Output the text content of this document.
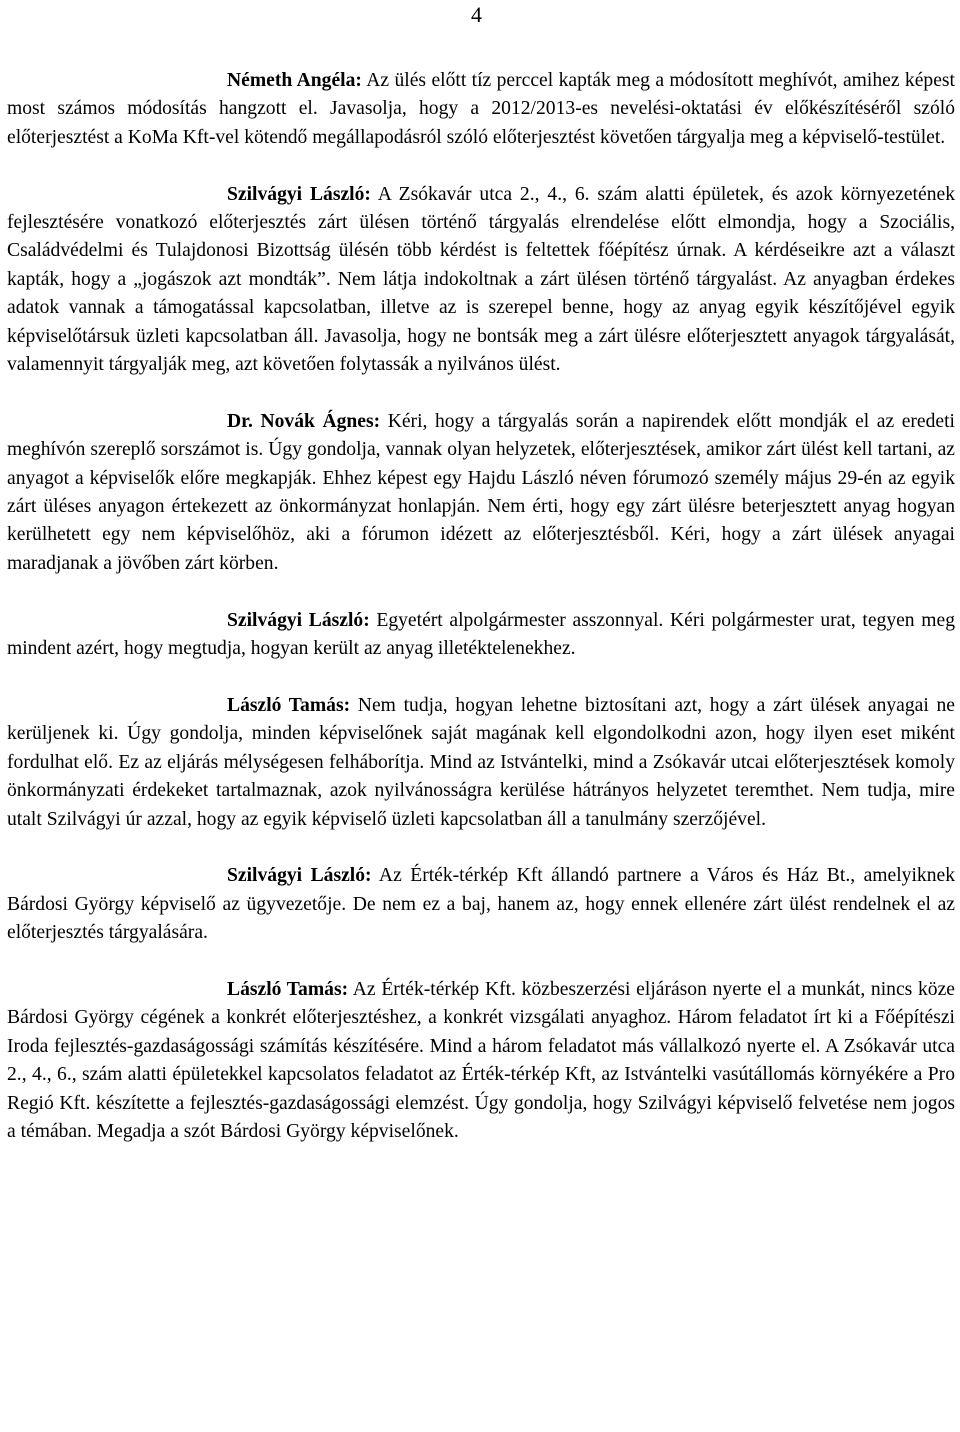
4

Németh Angéla: Az ülés előtt tíz perccel kapták meg a módosított meghívót, amihez képest most számos módosítás hangzott el. Javasolja, hogy a 2012/2013-es nevelési-oktatási év előkészítéséről szóló előterjesztést a KoMa Kft-vel kötendő megállapodásról szóló előterjesztést követően tárgyalja meg a képviselő-testület.

Szilvágyi László: A Zsókavár utca 2., 4., 6. szám alatti épületek, és azok környezetének fejlesztésére vonatkozó előterjesztés zárt ülésen történő tárgyalás elrendelése előtt elmondja, hogy a Szociális, Családvédelmi és Tulajdonosi Bizottság ülésén több kérdést is feltettek főépítész úrnak. A kérdéseikre azt a választ kapták, hogy a „jogászok azt mondták”. Nem látja indokoltnak a zárt ülésen történő tárgyalást. Az anyagban érdekes adatok vannak a támogatással kapcsolatban, illetve az is szerepel benne, hogy az anyag egyik készítőjével egyik képviselőtársuk üzleti kapcsolatban áll. Javasolja, hogy ne bontsák meg a zárt ülésre előterjesztett anyagok tárgyalását, valamennyit tárgyalják meg, azt követően folytassák a nyilvános ülést.

Dr. Novák Ágnes: Kéri, hogy a tárgyalás során a napirendek előtt mondják el az eredeti meghívón szereplő sorszámot is. Úgy gondolja, vannak olyan helyzetek, előterjesztések, amikor zárt ülést kell tartani, az anyagot a képviselők előre megkapják. Ehhez képest egy Hajdu László néven fórumozó személy május 29-én az egyik zárt üléses anyagon értekezett az önkormányzat honlapján. Nem érti, hogy egy zárt ülésre beterjesztett anyag hogyan kerülhetett egy nem képviselőhöz, aki a fórumon idézett az előterjesztésből. Kéri, hogy a zárt ülések anyagai maradjanak a jövőben zárt körben.

Szilvágyi László: Egyetért alpolgármester asszonnyal. Kéri polgármester urat, tegyen meg mindent azért, hogy megtudja, hogyan került az anyag illetéktelenekhez.

László Tamás: Nem tudja, hogyan lehetne biztosítani azt, hogy a zárt ülések anyagai ne kerüljenek ki. Úgy gondolja, minden képviselőnek saját magának kell elgondolkodni azon, hogy ilyen eset miként fordulhat elő. Ez az eljárás mélységesen felháborítja. Mind az Istvántelki, mind a Zsókavár utcai előterjesztések komoly önkormányzati érdekeket tartalmaznak, azok nyilvánosságra kerülése hátrányos helyzetet teremthet. Nem tudja, mire utalt Szilvágyi úr azzal, hogy az egyik képviselő üzleti kapcsolatban áll a tanulmány szerzőjével.

Szilvágyi László: Az Érték-térkép Kft állandó partnere a Város és Ház Bt., amelyiknek Bárdosi György képviselő az ügyvezetője. De nem ez a baj, hanem az, hogy ennek ellenére zárt ülést rendelnek el az előterjesztés tárgyalására.

László Tamás: Az Érték-térkép Kft. közbeszerzési eljáráson nyerte el a munkát, nincs köze Bárdosi György cégének a konkrét előterjesztéshez, a konkrét vizsgálati anyaghoz. Három feladatot írt ki a Főépítészi Iroda fejlesztés-gazdaságossági számítás készítésére. Mind a három feladatot más vállalkozó nyerte el. A Zsókavár utca 2., 4., 6., szám alatti épületekkel kapcsolatos feladatot az Érték-térkép Kft, az Istvántelki vasútállomás környékére a Pro Regió Kft. készítette a fejlesztés-gazdaságossági elemzést. Úgy gondolja, hogy Szilvágyi képviselő felvetése nem jogos a témában. Megadja a szót Bárdosi György képviselőnek.
